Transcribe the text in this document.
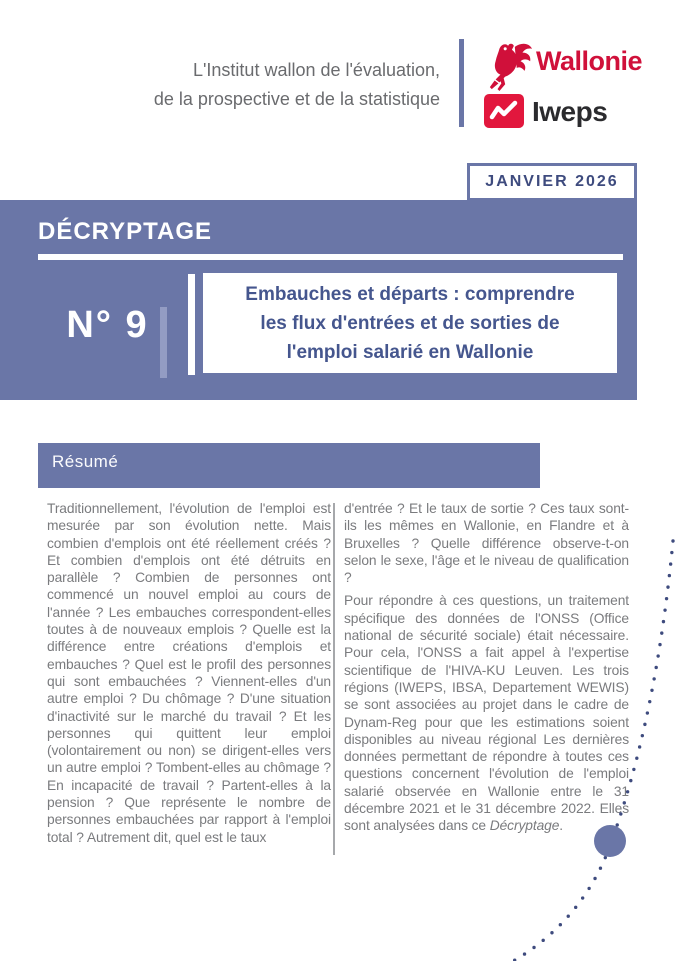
L'Institut wallon de l'évaluation,
de la prospective et de la statistique
Wallonie
Iweps
JANVIER 2026
DÉCRYPTAGE
N° 9
Embauches et départs : comprendre
les flux d'entrées et de sorties de
l'emploi salarié en Wallonie
Résumé

Traditionnellement, l'évolution de l'emploi est mesurée par son évolution nette. Mais combien d'emplois ont été réellement créés ? Et combien d'emplois ont été détruits en parallèle ? Combien de personnes ont commencé un nouvel emploi au cours de l'année ? Les embauches correspondent-elles toutes à de nouveaux emplois ? Quelle est la différence entre créations d'emplois et embauches ? Quel est le profil des personnes qui sont embauchées ? Viennent-elles d'un autre emploi ? Du chômage ? D'une situation d'inactivité sur le marché du travail ? Et les personnes qui quittent leur emploi (volontairement ou non) se dirigent-elles vers un autre emploi ? Tombent-elles au chômage ? En incapacité de travail ? Partent-elles à la pension ? Que représente le nombre de personnes embauchées par rapport à l'emploi total ? Autrement dit, quel est le taux

d'entrée ? Et le taux de sortie ? Ces taux sont-ils les mêmes en Wallonie, en Flandre et à Bruxelles ? Quelle différence observe-t-on selon le sexe, l'âge et le niveau de qualification ?

Pour répondre à ces questions, un traitement spécifique des données de l'ONSS (Office national de sécurité sociale) était nécessaire. Pour cela, l'ONSS a fait appel à l'expertise scientifique de l'HIVA-KU Leuven. Les trois régions (IWEPS, IBSA, Departement WEWIS) se sont associées au projet dans le cadre de Dynam-Reg pour que les estimations soient disponibles au niveau régional Les dernières données permettant de répondre à toutes ces questions concernent l'évolution de l'emploi salarié observée en Wallonie entre le 31 décembre 2021 et le 31 décembre 2022. Elles sont analysées dans ce Décryptage.
